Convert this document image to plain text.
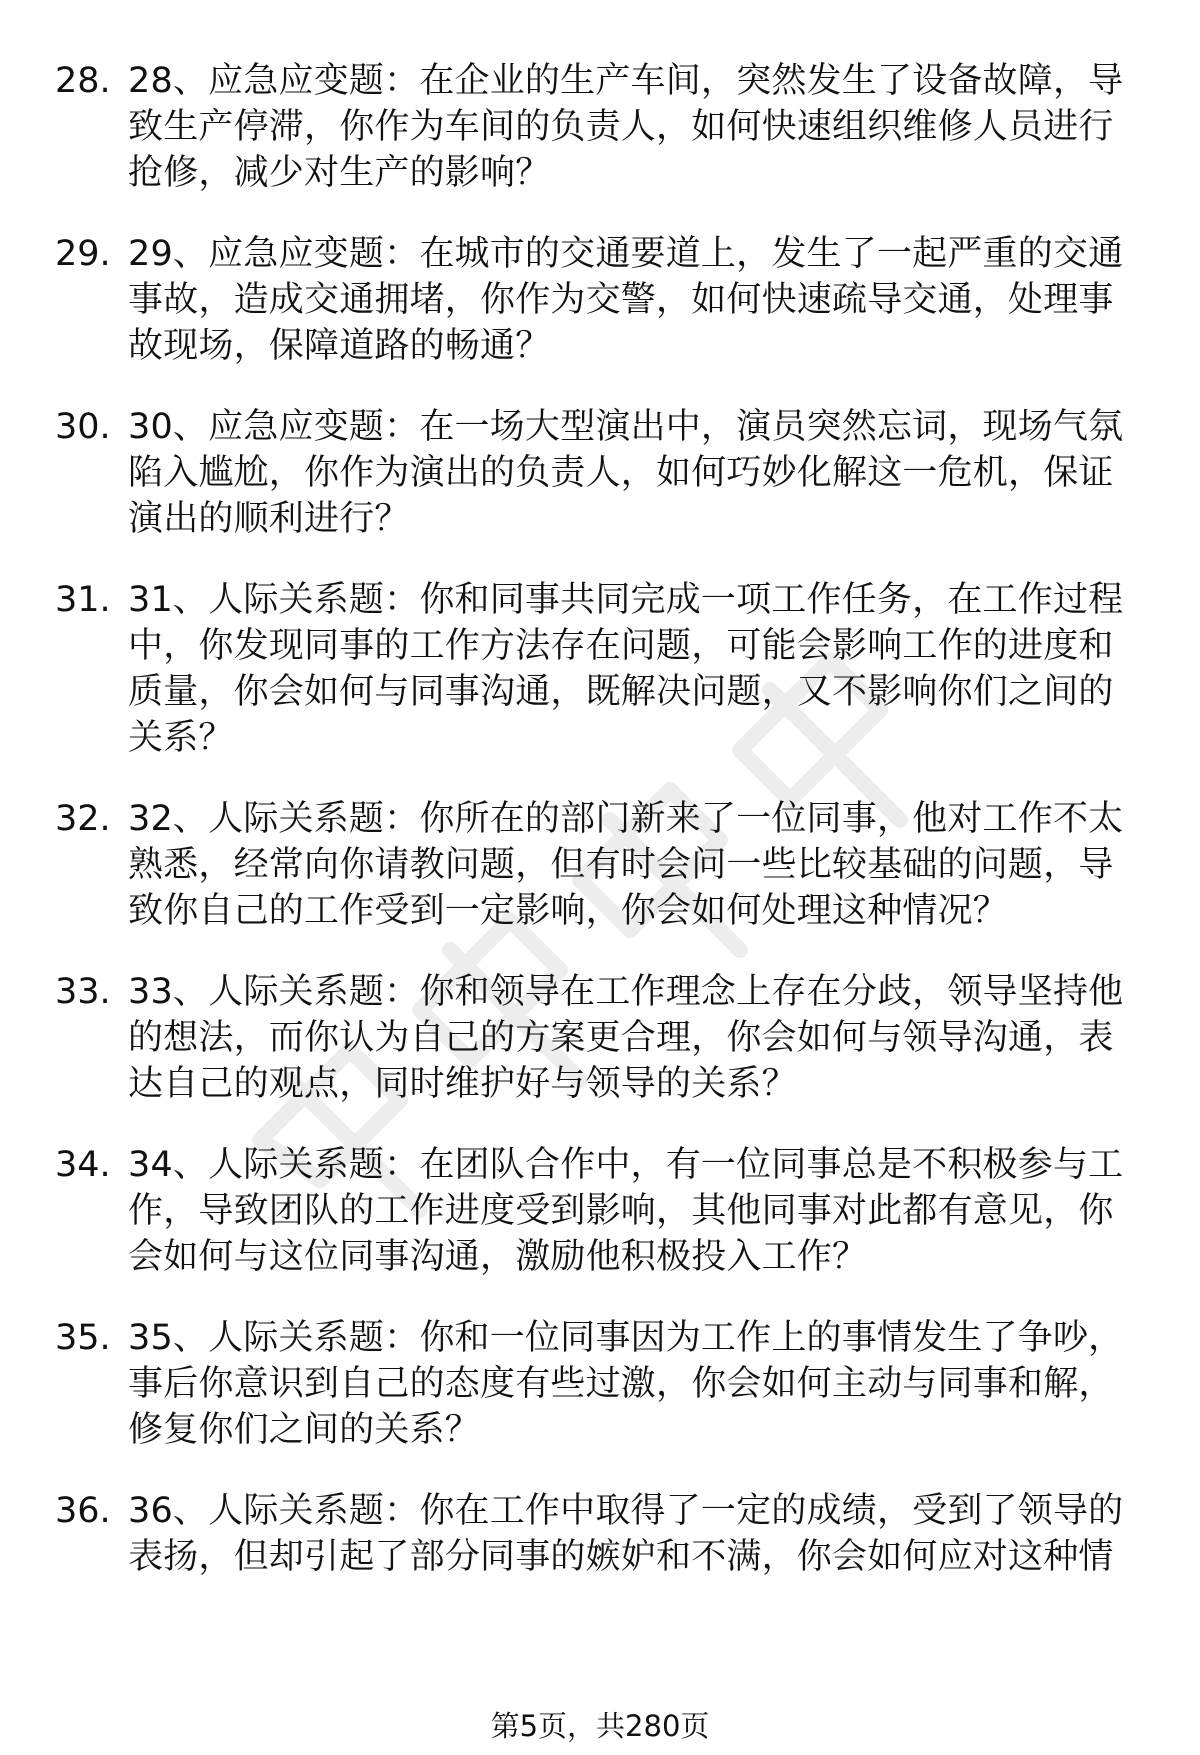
28. 28、应急应变题：在企业的生产车间，突然发生了设备故障，导致生产停滞，你作为车间的负责人，如何快速组织维修人员进行抢修，减少对生产的影响？
29. 29、应急应变题：在城市的交通要道上，发生了一起严重的交通事故，造成交通拥堵，你作为交警，如何快速疏导交通，处理事故现场，保障道路的畅通？
30. 30、应急应变题：在一场大型演出中，演员突然忘词，现场气氛陷入尴尬，你作为演出的负责人，如何巧妙化解这一危机，保证演出的顺利进行？
31. 31、人际关系题：你和同事共同完成一项工作任务，在工作过程中，你发现同事的工作方法存在问题，可能会影响工作的进度和质量，你会如何与同事沟通，既解决问题，又不影响你们之间的关系？
32. 32、人际关系题：你所在的部门新来了一位同事，他对工作不太熟悉，经常向你请教问题，但有时会问一些比较基础的问题，导致你自己的工作受到一定影响，你会如何处理这种情况？
33. 33、人际关系题：你和领导在工作理念上存在分歧，领导坚持他的想法，而你认为自己的方案更合理，你会如何与领导沟通，表达自己的观点，同时维护好与领导的关系？
34. 34、人际关系题：在团队合作中，有一位同事总是不积极参与工作，导致团队的工作进度受到影响，其他同事对此都有意见，你会如何与这位同事沟通，激励他积极投入工作？
35. 35、人际关系题：你和一位同事因为工作上的事情发生了争吵，事后你意识到自己的态度有些过激，你会如何主动与同事和解，修复你们之间的关系？
36. 36、人际关系题：你在工作中取得了一定的成绩，受到了领导的表扬，但却引起了部分同事的嫉妒和不满，你会如何应对这种情
第5页，共280页
